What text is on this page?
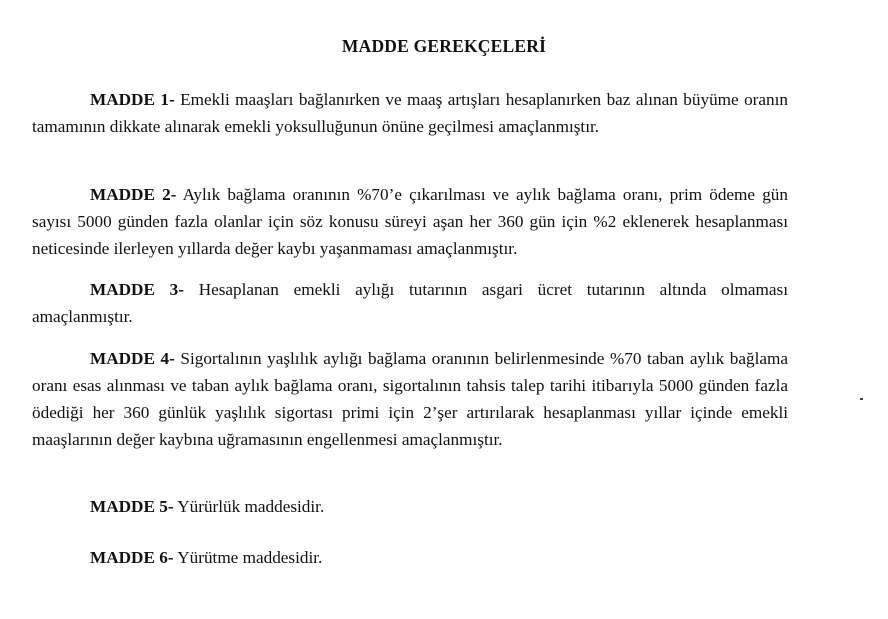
MADDE GEREKÇELERİ

MADDE 1- Emekli maaşları bağlanırken ve maaş artışları hesaplanırken baz alınan büyüme oranın tamamının dikkate alınarak emekli yoksulluğunun önüne geçilmesi amaçlanmıştır.

MADDE 2- Aylık bağlama oranının %70’e çıkarılması ve aylık bağlama oranı, prim ödeme gün sayısı 5000 günden fazla olanlar için söz konusu süreyi aşan her 360 gün için %2 eklenerek hesaplanması neticesinde ilerleyen yıllarda değer kaybı yaşanmaması amaçlanmıştır.

MADDE 3- Hesaplanan emekli aylığı tutarının asgari ücret tutarının altında olmaması amaçlanmıştır.

MADDE 4- Sigortalının yaşlılık aylığı bağlama oranının belirlenmesinde %70 taban aylık bağlama oranı esas alınması ve taban aylık bağlama oranı, sigortalının tahsis talep tarihi itibarıyla 5000 günden fazla ödediği her 360 günlük yaşlılık sigortası primi için 2’şer artırılarak hesaplanması yıllar içinde emekli maaşlarının değer kaybına uğramasının engellenmesi amaçlanmıştır.

MADDE 5- Yürürlük maddesidir.

MADDE 6- Yürütme maddesidir.
